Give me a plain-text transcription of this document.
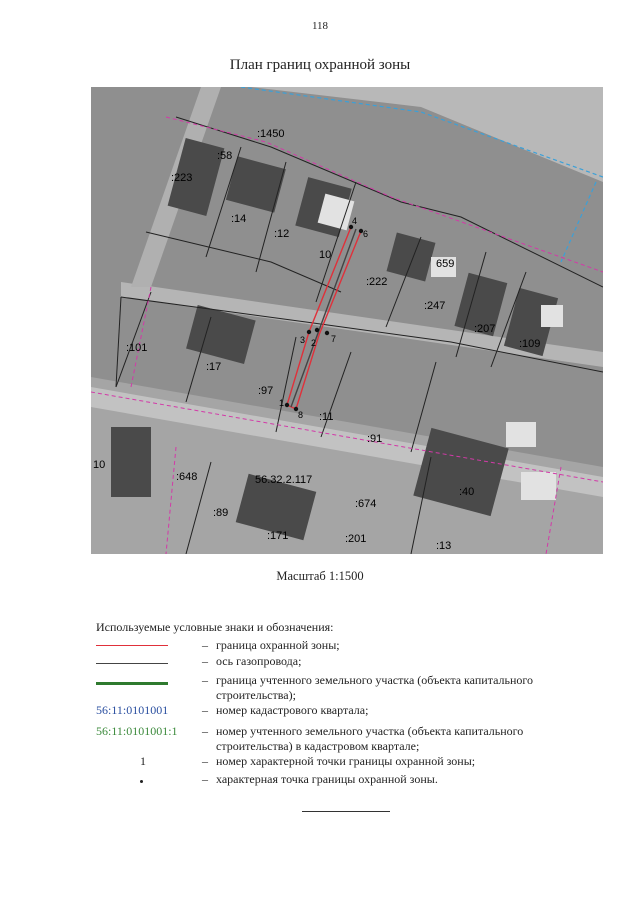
118
План границ охранной зоны
:1450
:58
:223
:14
:12
10
:222
659
:247
:207
:109
:101
:17
:97
:11
:91
10
:648	56.32.2.117
:674
:40
:89
:171	:201
:13
1
2
3
4
6
7
8
Масштаб 1:1500
Используемые условные знаки и обозначения:
– граница охранной зоны;
– ось газопровода;
– граница учтенного земельного участка (объекта капитального строительства);
56:11:0101001	– номер кадастрового квартала;
56:11:0101001:1	– номер учтенного земельного участка (объекта капитального строительства) в кадастровом квартале;
1	– номер характерной точки границы охранной зоны;
– характерная точка границы охранной зоны.
